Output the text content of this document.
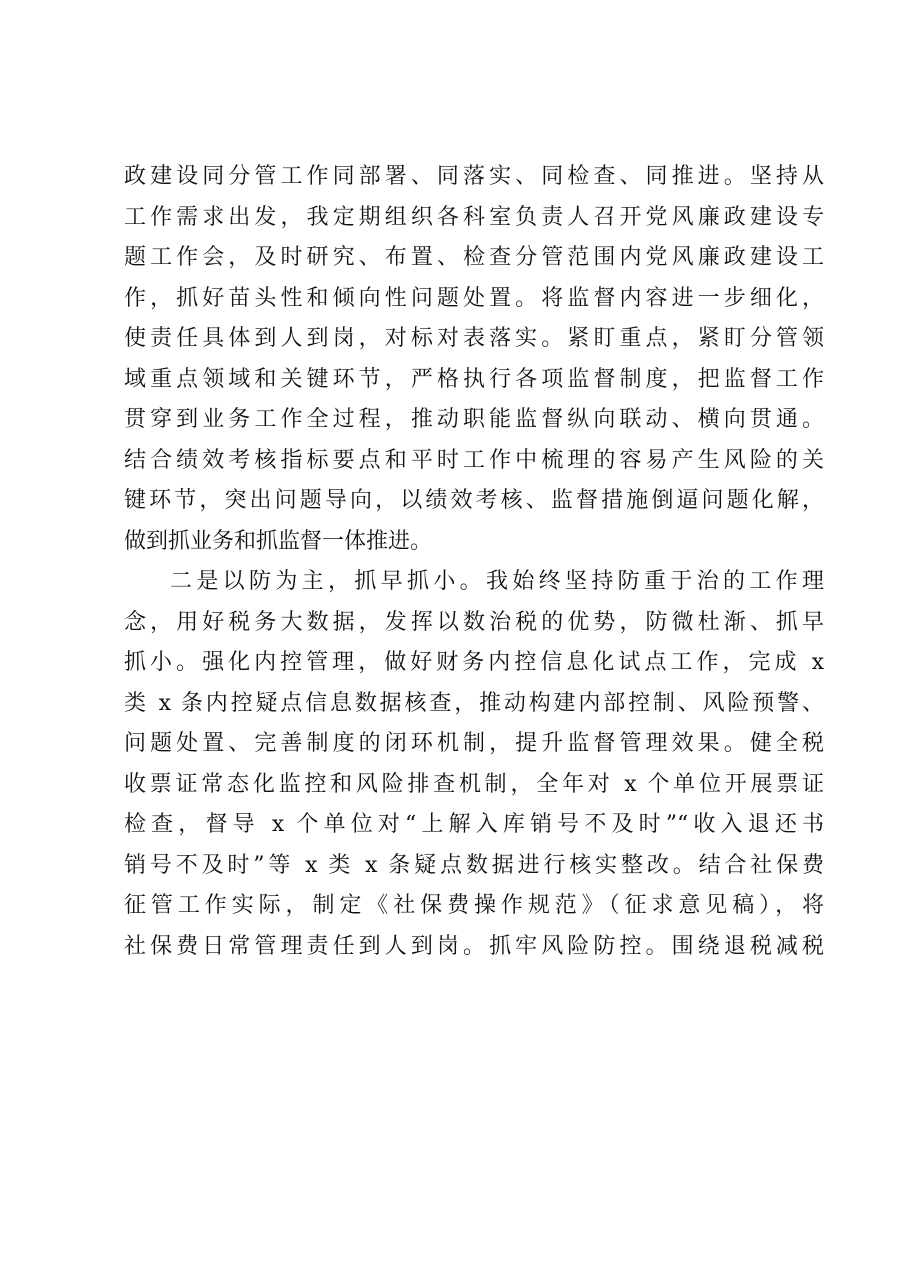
政建设同分管工作同部署、同落实、同检查、同推进。坚持从
工作需求出发，我定期组织各科室负责人召开党风廉政建设专
题工作会，及时研究、布置、检查分管范围内党风廉政建设工
作，抓好苗头性和倾向性问题处置。将监督内容进一步细化，
使责任具体到人到岗，对标对表落实。紧盯重点，紧盯分管领
域重点领域和关键环节，严格执行各项监督制度，把监督工作
贯穿到业务工作全过程，推动职能监督纵向联动、横向贯通。
结合绩效考核指标要点和平时工作中梳理的容易产生风险的关
键环节，突出问题导向，以绩效考核、监督措施倒逼问题化解，
做到抓业务和抓监督一体推进。
二是以防为主，抓早抓小。我始终坚持防重于治的工作理
念，用好税务大数据，发挥以数治税的优势，防微杜渐、抓早
抓小。强化内控管理，做好财务内控信息化试点工作，完成 x
类 x 条内控疑点信息数据核查，推动构建内部控制、风险预警、
问题处置、完善制度的闭环机制，提升监督管理效果。健全税
收票证常态化监控和风险排查机制，全年对 x 个单位开展票证
检查，督导 x 个单位对“上解入库销号不及时”“收入退还书
销号不及时”等 x 类 x 条疑点数据进行核实整改。结合社保费
征管工作实际，制定《社保费操作规范》（征求意见稿），将
社保费日常管理责任到人到岗。抓牢风险防控。围绕退税减税
